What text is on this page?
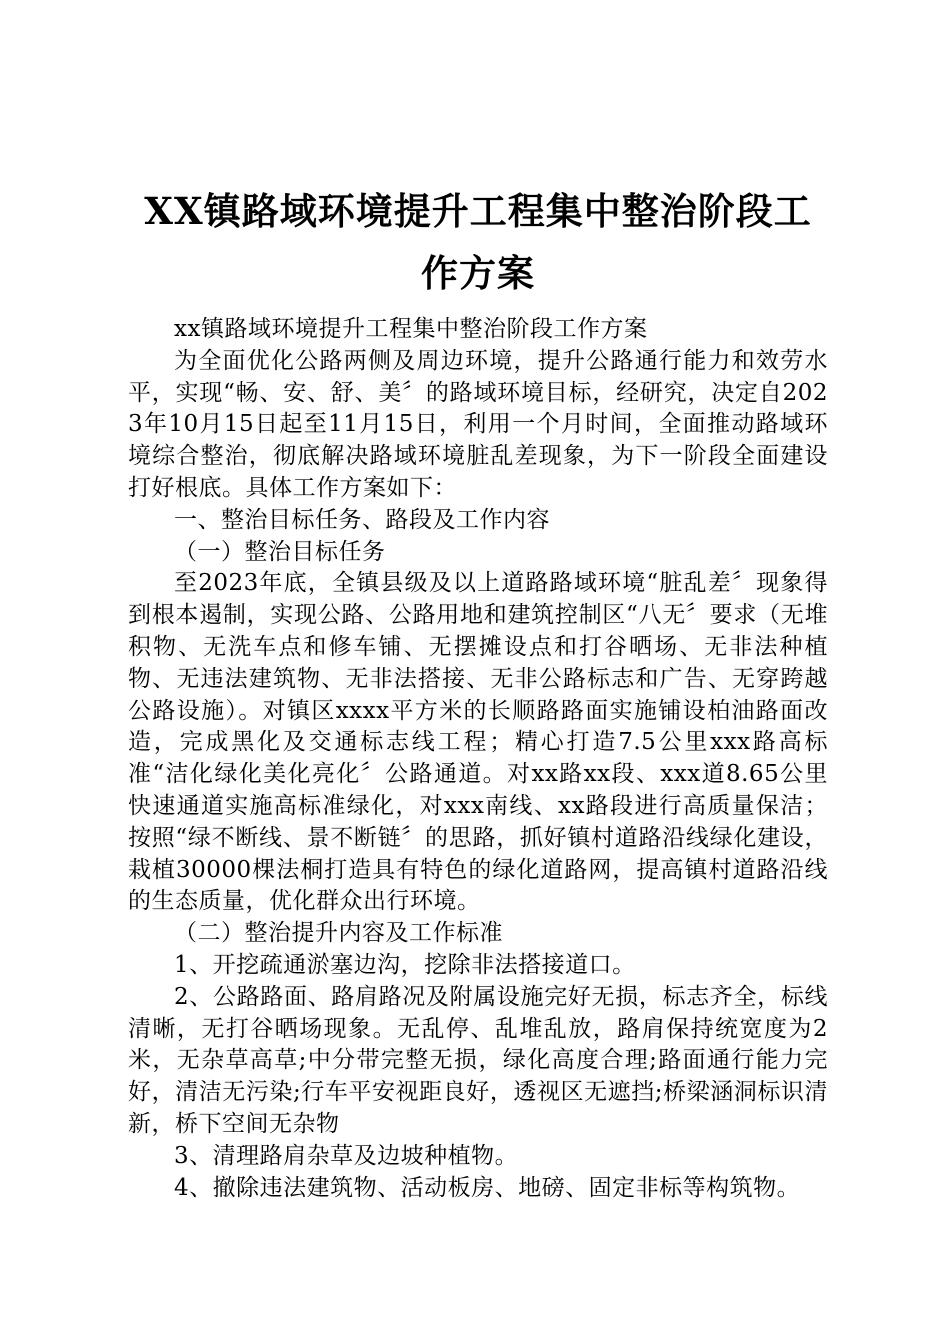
XX镇路域环境提升工程集中整治阶段工作方案

xx镇路域环境提升工程集中整治阶段工作方案

为全面优化公路两侧及周边环境，提升公路通行能力和效劳水平，实现“畅、安、舒、美〞的路域环境目标，经研究，决定自2023年10月15日起至11月15日，利用一个月时间，全面推动路域环境综合整治，彻底解决路域环境脏乱差现象，为下一阶段全面建设打好根底。具体工作方案如下：

一、整治目标任务、路段及工作内容

（一）整治目标任务

至2023年底，全镇县级及以上道路路域环境“脏乱差〞现象得到根本遏制，实现公路、公路用地和建筑控制区“八无〞要求（无堆积物、无洗车点和修车铺、无摆摊设点和打谷晒场、无非法种植物、无违法建筑物、无非法搭接、无非公路标志和广告、无穿跨越公路设施）。对镇区xxxx平方米的长顺路路面实施铺设柏油路面改造，完成黑化及交通标志线工程；精心打造7.5公里xxx路高标准“洁化绿化美化亮化〞公路通道。对xx路xx段、xxx道8.65公里快速通道实施高标准绿化，对xxx南线、xx路段进行高质量保洁；按照“绿不断线、景不断链〞的思路，抓好镇村道路沿线绿化建设，栽植30000棵法桐打造具有特色的绿化道路网，提高镇村道路沿线的生态质量，优化群众出行环境。

（二）整治提升内容及工作标准

1、开挖疏通淤塞边沟，挖除非法搭接道口。

2、公路路面、路肩路况及附属设施完好无损，标志齐全，标线清晰，无打谷晒场现象。无乱停、乱堆乱放，路肩保持统宽度为2米，无杂草高草;中分带完整无损，绿化高度合理;路面通行能力完好，清洁无污染;行车平安视距良好，透视区无遮挡;桥梁涵洞标识清新，桥下空间无杂物

3、清理路肩杂草及边坡种植物。

4、撤除违法建筑物、活动板房、地磅、固定非标等构筑物。
